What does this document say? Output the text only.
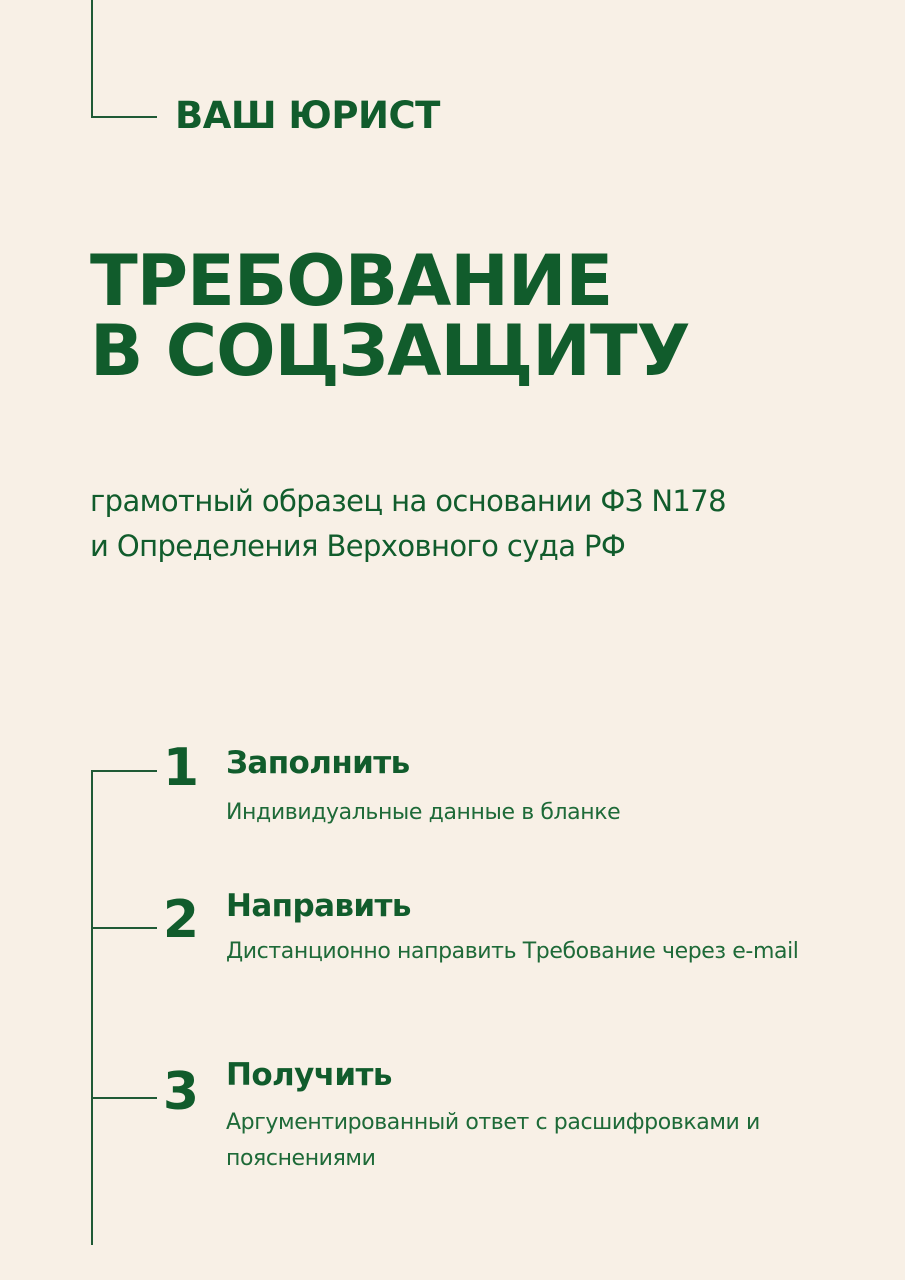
ВАШ ЮРИСТ
ТРЕБОВАНИЕ
В СОЦЗАЩИТУ
грамотный образец на основании ФЗ N178
и Определения Верховного суда РФ
1 Заполнить
Индивидуальные данные в бланке
2 Направить
Дистанционно направить Требование через e-mail
3 Получить
Аргументированный ответ с расшифровками и пояснениями
